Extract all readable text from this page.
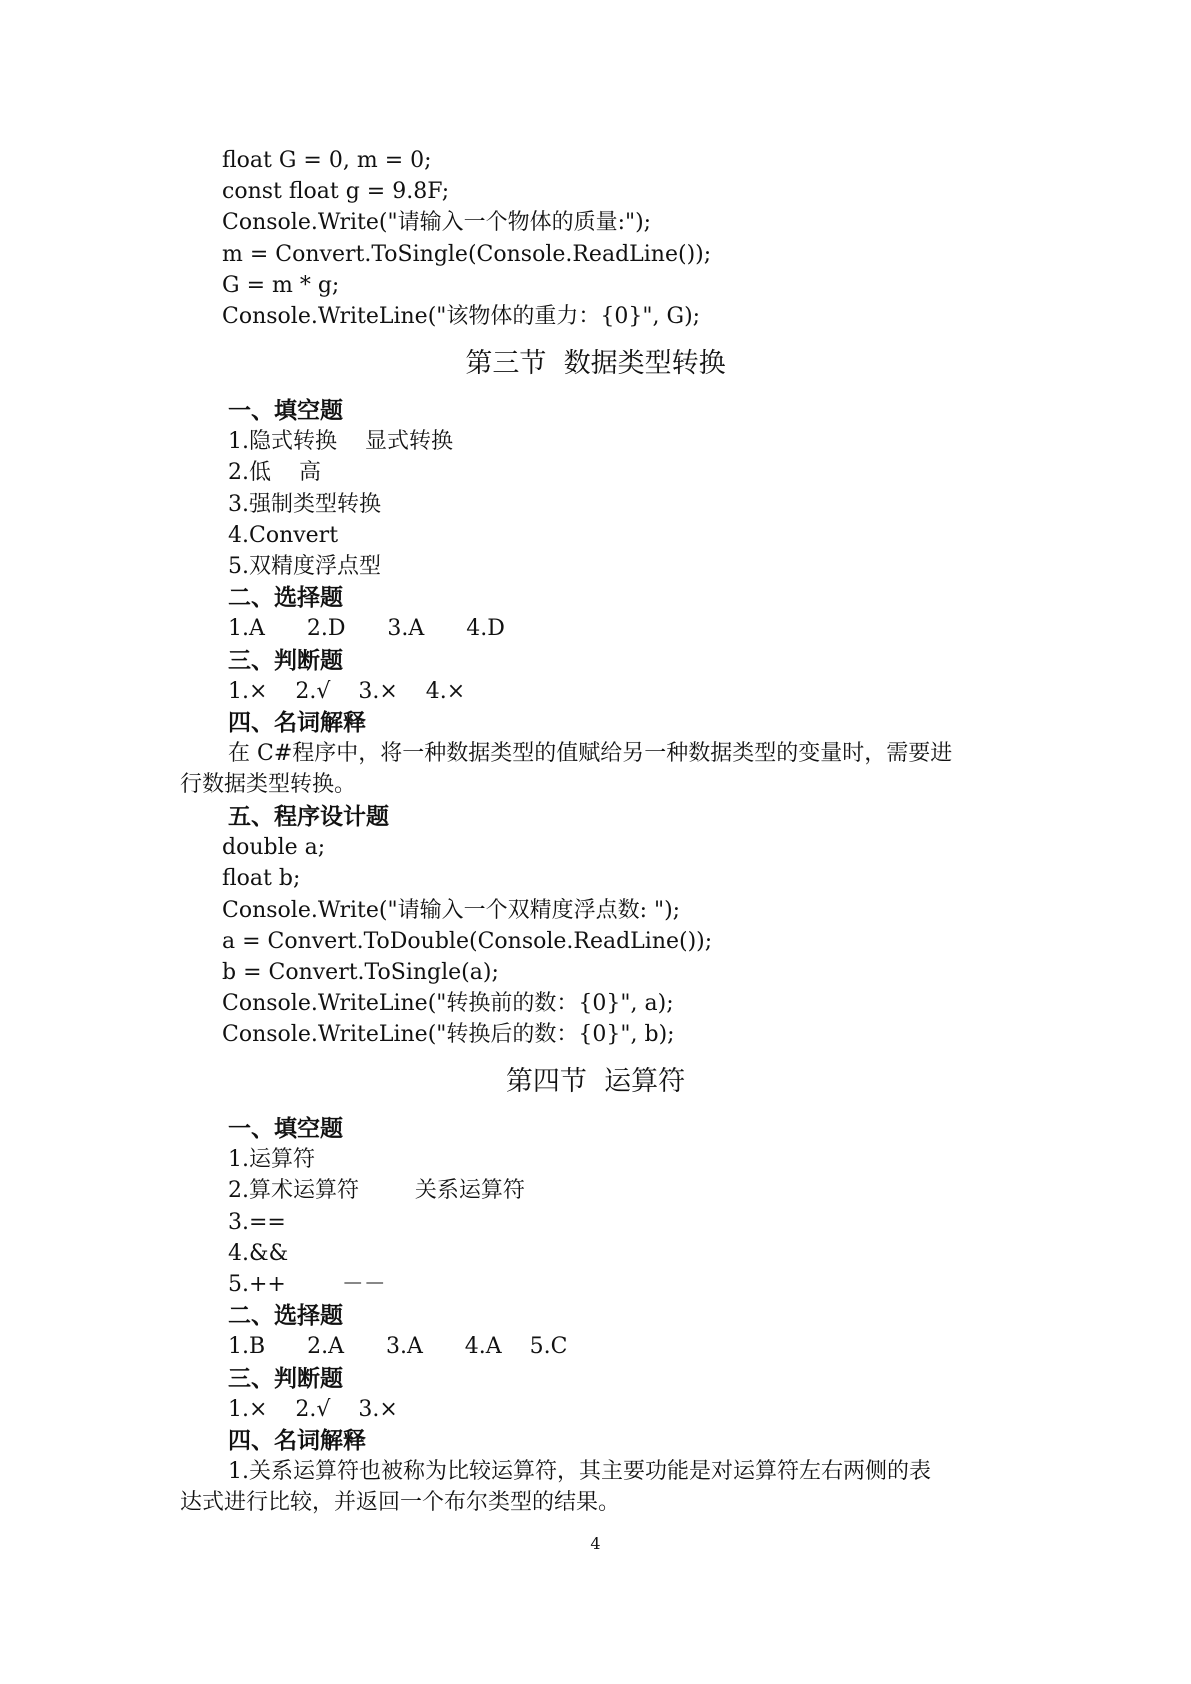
float G = 0, m = 0;
const float g = 9.8F;
Console.Write("请输入一个物体的质量:");
m = Convert.ToSingle(Console.ReadLine());
G = m * g;
Console.WriteLine("该物体的重力：{0}", G);
第三节  数据类型转换
一、填空题
1.隐式转换    显式转换
2.低    高
3.强制类型转换
4.Convert
5.双精度浮点型
二、选择题
1.A      2.D      3.A      4.D
三、判断题
1.×    2.√    3.×    4.×
四、名词解释
在 C#程序中，将一种数据类型的值赋给另一种数据类型的变量时，需要进
行数据类型转换。
五、程序设计题
double a;
float b;
Console.Write("请输入一个双精度浮点数: ");
a = Convert.ToDouble(Console.ReadLine());
b = Convert.ToSingle(a);
Console.WriteLine("转换前的数：{0}", a);
Console.WriteLine("转换后的数：{0}", b);
第四节  运算符
一、填空题
1.运算符
2.算术运算符        关系运算符
3.==
4.&&
5.++        －－
二、选择题
1.B      2.A      3.A      4.A    5.C
三、判断题
1.×    2.√    3.×
四、名词解释
1.关系运算符也被称为比较运算符，其主要功能是对运算符左右两侧的表
达式进行比较，并返回一个布尔类型的结果。
4
